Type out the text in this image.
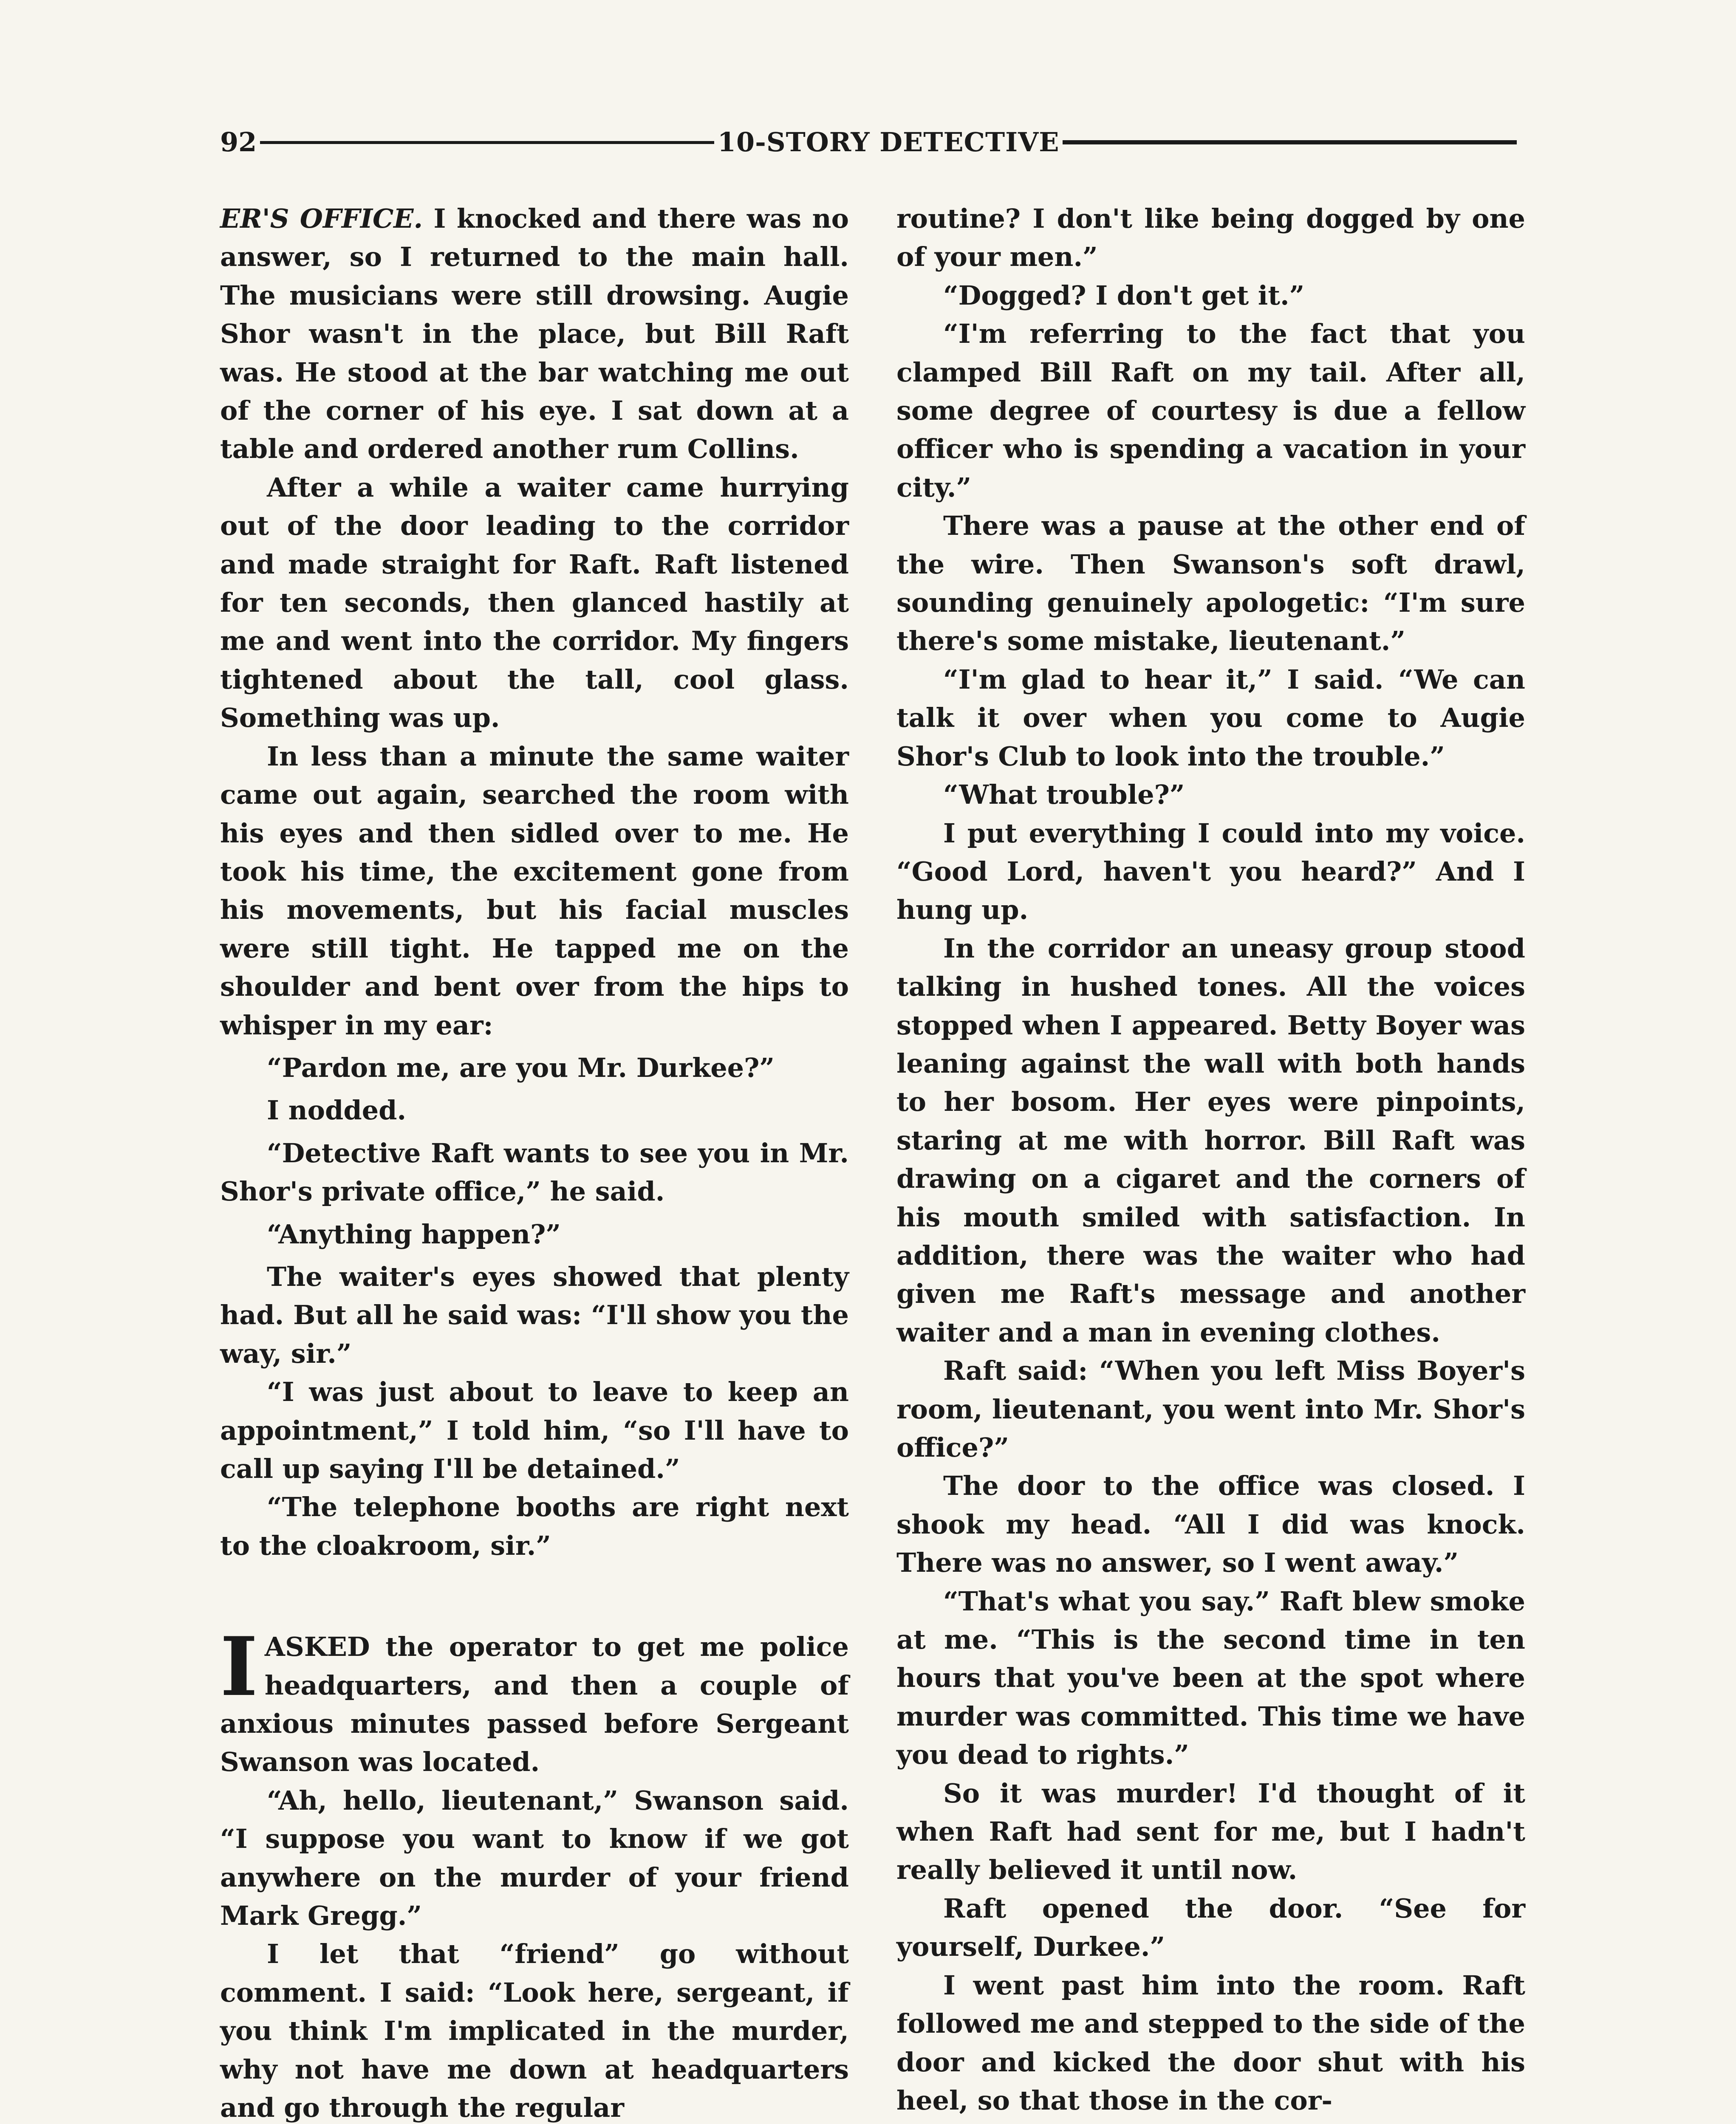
92	10-STORY DETECTIVE

ER'S OFFICE. I knocked and there was no answer, so I returned to the main hall. The musicians were still drowsing. Augie Shor wasn't in the place, but Bill Raft was. He stood at the bar watching me out of the corner of his eye. I sat down at a table and ordered another rum Collins.

After a while a waiter came hurrying out of the door leading to the corridor and made straight for Raft. Raft listened for ten seconds, then glanced hastily at me and went into the corridor. My fingers tightened about the tall, cool glass. Something was up.

In less than a minute the same waiter came out again, searched the room with his eyes and then sidled over to me. He took his time, the excitement gone from his movements, but his facial muscles were still tight. He tapped me on the shoulder and bent over from the hips to whisper in my ear:

“Pardon me, are you Mr. Durkee?”

I nodded.

“Detective Raft wants to see you in Mr. Shor's private office,” he said.

“Anything happen?”

The waiter's eyes showed that plenty had. But all he said was: “I'll show you the way, sir.”

“I was just about to leave to keep an appointment,” I told him, “so I'll have to call up saying I'll be detained.”

“The telephone booths are right next to the cloakroom, sir.”

IASKED the operator to get me police headquarters, and then a couple of anxious minutes passed before Sergeant Swanson was located.

“Ah, hello, lieutenant,” Swanson said. “I suppose you want to know if we got anywhere on the murder of your friend Mark Gregg.”

I let that “friend” go without comment. I said: “Look here, sergeant, if you think I'm implicated in the murder, why not have me down at headquarters and go through the regular

routine? I don't like being dogged by one of your men.”

“Dogged? I don't get it.”

“I'm referring to the fact that you clamped Bill Raft on my tail. After all, some degree of courtesy is due a fellow officer who is spending a vacation in your city.”

There was a pause at the other end of the wire. Then Swanson's soft drawl, sounding genuinely apologetic: “I'm sure there's some mistake, lieutenant.”

“I'm glad to hear it,” I said. “We can talk it over when you come to Augie Shor's Club to look into the trouble.”

“What trouble?”

I put everything I could into my voice. “Good Lord, haven't you heard?” And I hung up.

In the corridor an uneasy group stood talking in hushed tones. All the voices stopped when I appeared. Betty Boyer was leaning against the wall with both hands to her bosom. Her eyes were pinpoints, staring at me with horror. Bill Raft was drawing on a cigaret and the corners of his mouth smiled with satisfaction. In addition, there was the waiter who had given me Raft's message and another waiter and a man in evening clothes.

Raft said: “When you left Miss Boyer's room, lieutenant, you went into Mr. Shor's office?”

The door to the office was closed. I shook my head. “All I did was knock. There was no answer, so I went away.”

“That's what you say.” Raft blew smoke at me. “This is the second time in ten hours that you've been at the spot where murder was committed. This time we have you dead to rights.”

So it was murder! I'd thought of it when Raft had sent for me, but I hadn't really believed it until now.

Raft opened the door. “See for yourself, Durkee.”

I went past him into the room. Raft followed me and stepped to the side of the door and kicked the door shut with his heel, so that those in the cor-
